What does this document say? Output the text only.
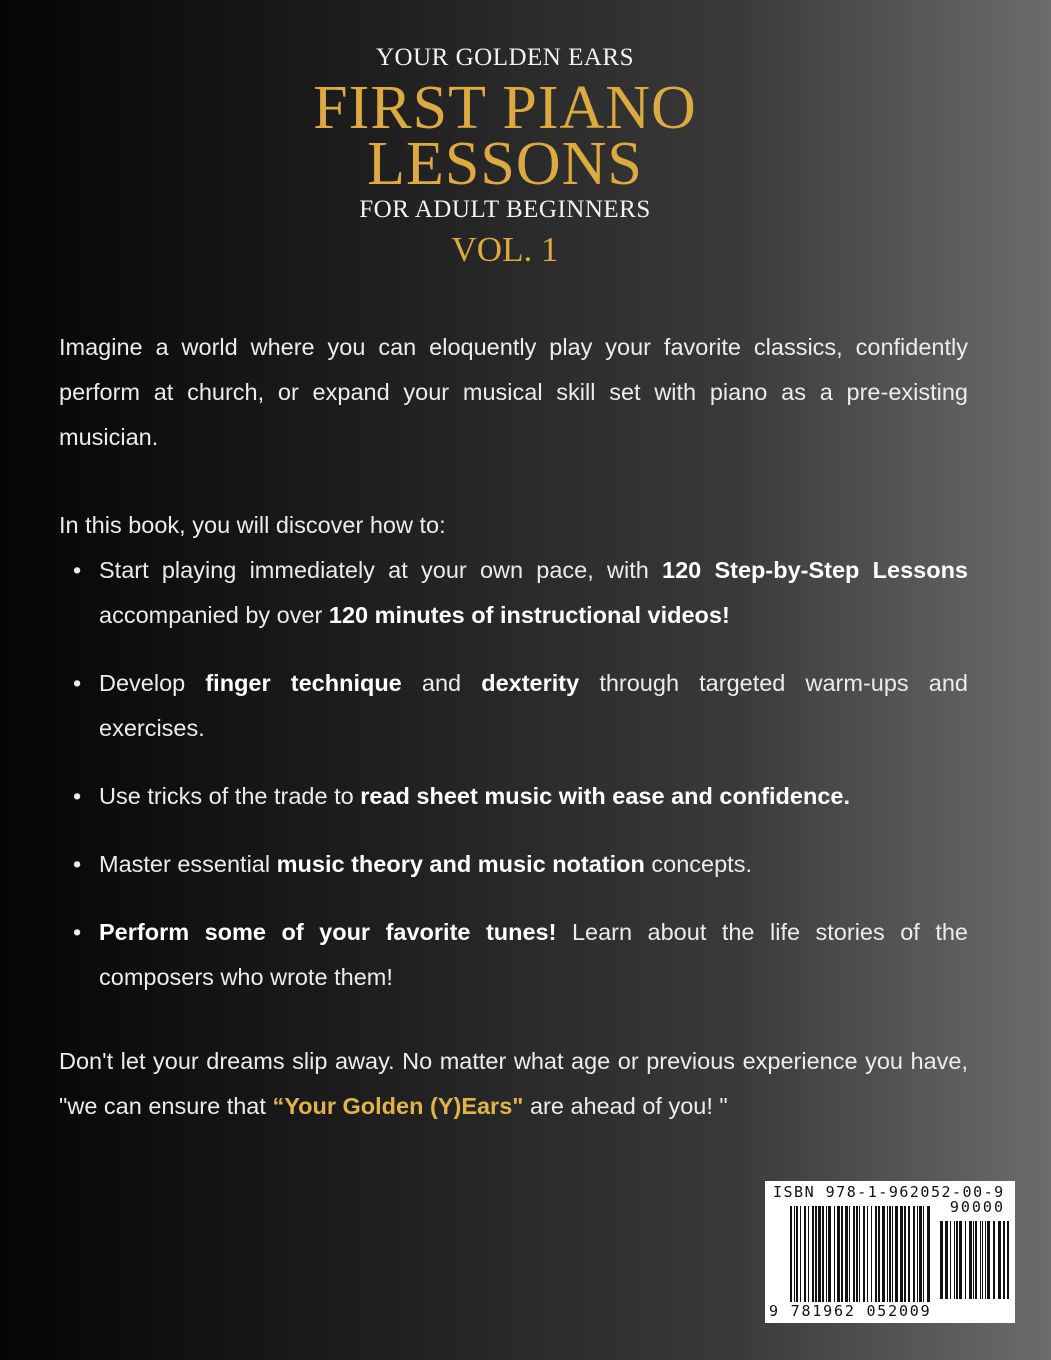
YOUR GOLDEN EARS
FIRST PIANO
LESSONS
FOR ADULT BEGINNERS
VOL. 1
Imagine a world where you can eloquently play your favorite classics, confidently perform at church, or expand your musical skill set with piano as a pre-existing musician.
In this book, you will discover how to:
• Start playing immediately at your own pace, with 120 Step-by-Step Lessons accompanied by over 120 minutes of instructional videos!
• Develop finger technique and dexterity through targeted warm-ups and exercises.
• Use tricks of the trade to read sheet music with ease and confidence.
• Master essential music theory and music notation concepts.
• Perform some of your favorite tunes! Learn about the life stories of the composers who wrote them!
Don't let your dreams slip away. No matter what age or previous experience you have, "we can ensure that “Your Golden (Y)Ears" are ahead of you! "
ISBN 978-1-962052-00-9
90000
9 781962 052009
